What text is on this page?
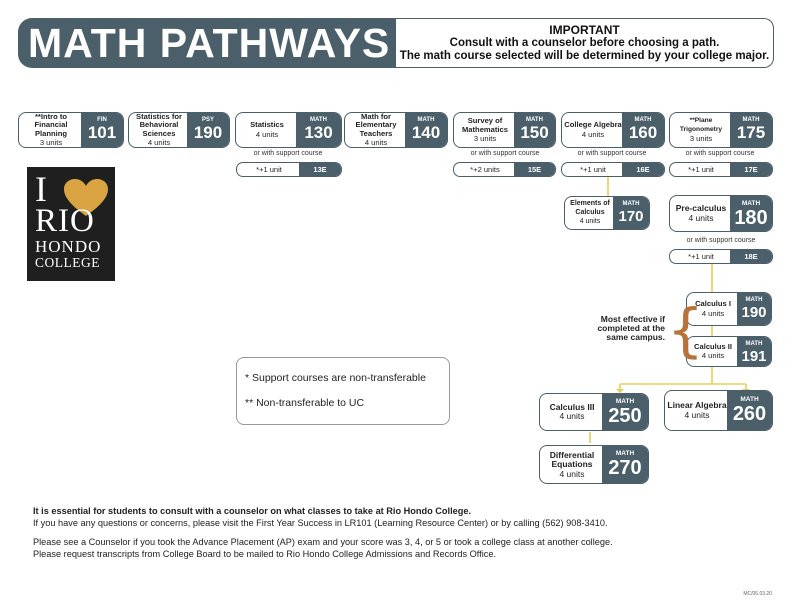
MATH PATHWAYS	IMPORTANT
Consult with a counselor before choosing a path.
The math course selected will be determined by your college major.
**Intro to Financial Planning
3 units
FIN
101
Statistics for Behavioral Sciences
4 units
PSY
190	Statistics
4 units
MATH
130
Math for Elementary Teachers
4 units
MATH
140
Survey of Mathematics
3 units
MATH
150	College Algebra
4 units
MATH
160
**Plane Trigonometry
3 units
MATH
175
or with support course
*+1 unit	13E
or with support course
*+2 units	15E
or with support course
*+1 unit	16E
or with support course
*+1 unit	17E
Elements of Calculus
4 units
MATH
170	Pre-calculus
4 units
MATH
180
or with support course
*+1 unit	18E
Calculus I
4 units
MATH
190
Calculus II
4 units
MATH
191
Most effective if completed at the same campus. {
Calculus III
4 units
MATH
250	Linear Algebra
4 units
MATH
260
Differential Equations
4 units
MATH
270
I
RIO
HONDO
COLLEGE
* Support courses are non-transferable
** Non-transferable to UC
It is essential for students to consult with a counselor on what classes to take at Rio Hondo College.
If you have any questions or concerns, please visit the First Year Success in LR101 (Learning Resource Center) or by calling (562) 908-3410.
Please see a Counselor if you took the Advance Placement (AP) exam and your score was 3, 4, or 5 or took a college class at another college.
Please request transcripts from College Board to be mailed to Rio Hondo College Admissions and Records Office.
MC/06.03.20
